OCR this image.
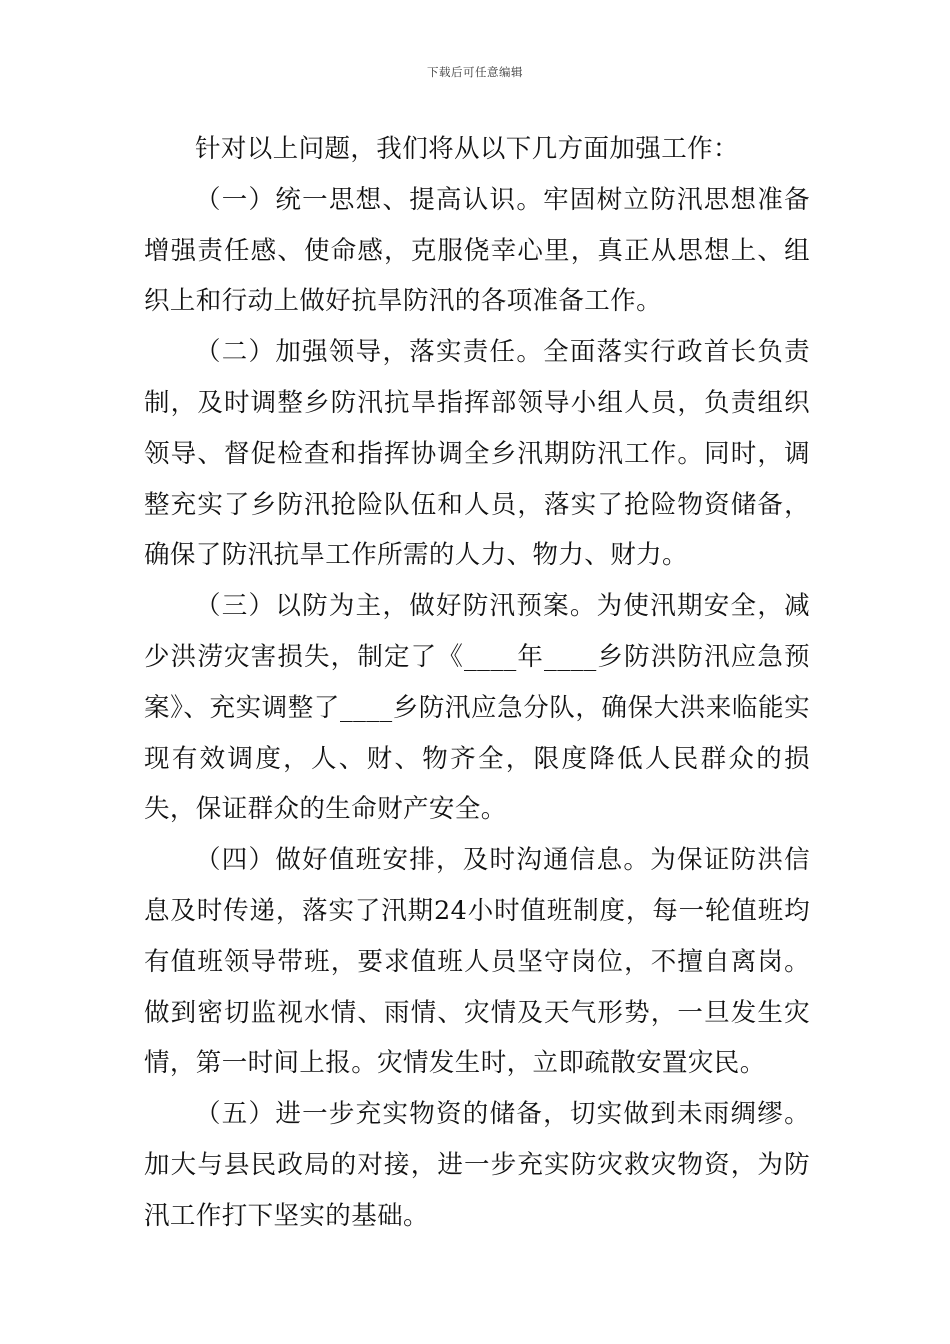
下载后可任意编辑

针对以上问题，我们将从以下几方面加强工作：

（一）统一思想、提高认识。牢固树立防汛思想准备增强责任感、使命感，克服侥幸心里，真正从思想上、组织上和行动上做好抗旱防汛的各项准备工作。

（二）加强领导，落实责任。全面落实行政首长负责制，及时调整乡防汛抗旱指挥部领导小组人员，负责组织领导、督促检查和指挥协调全乡汛期防汛工作。同时，调整充实了乡防汛抢险队伍和人员，落实了抢险物资储备，确保了防汛抗旱工作所需的人力、物力、财力。

（三）以防为主，做好防汛预案。为使汛期安全，减少洪涝灾害损失，制定了《____年____乡防洪防汛应急预案》、充实调整了____乡防汛应急分队，确保大洪来临能实现有效调度，人、财、物齐全，限度降低人民群众的损失，保证群众的生命财产安全。

（四）做好值班安排，及时沟通信息。为保证防洪信息及时传递，落实了汛期24小时值班制度，每一轮值班均有值班领导带班，要求值班人员坚守岗位，不擅自离岗。做到密切监视水情、雨情、灾情及天气形势，一旦发生灾情，第一时间上报。灾情发生时，立即疏散安置灾民。

（五）进一步充实物资的储备，切实做到未雨绸缪。加大与县民政局的对接，进一步充实防灾救灾物资，为防汛工作打下坚实的基础。
